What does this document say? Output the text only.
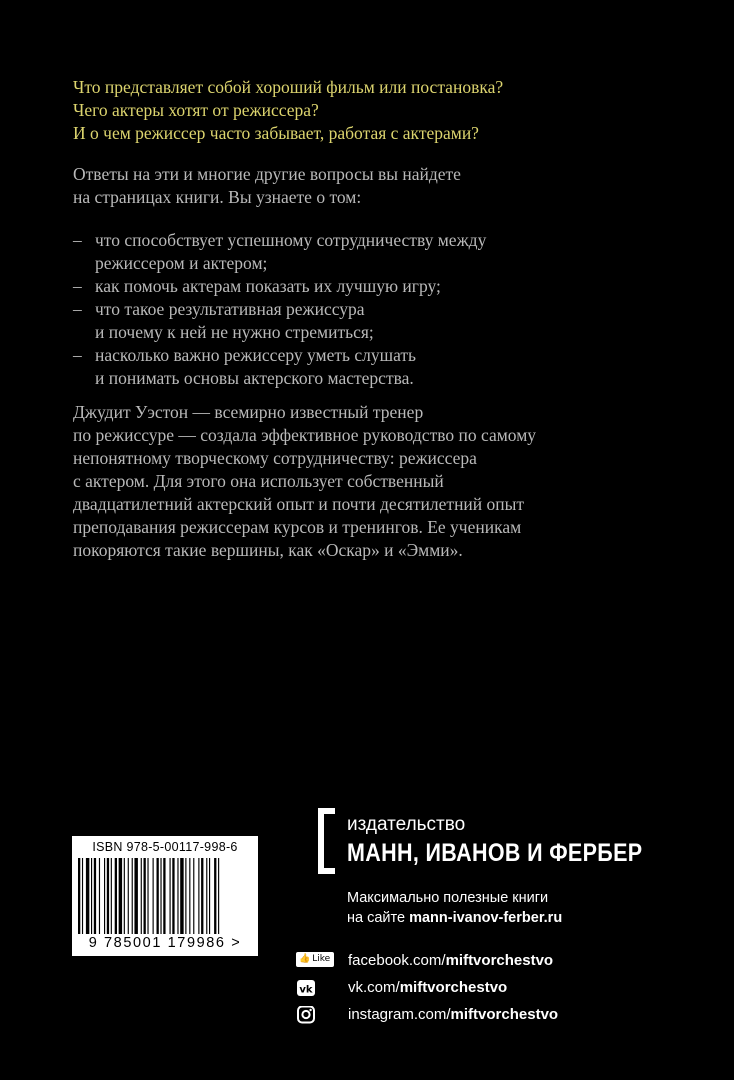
Что представляет собой хороший фильм или постановка?
Чего актеры хотят от режиссера?
И о чем режиссер часто забывает, работая с актерами?
Ответы на эти и многие другие вопросы вы найдете
на страницах книги. Вы узнаете о том:
– что способствует успешному сотрудничеству между
режиссером и актером;
– как помочь актерам показать их лучшую игру;
– что такое результативная режиссура
и почему к ней не нужно стремиться;
– насколько важно режиссеру уметь слушать
и понимать основы актерского мастерства.
Джудит Уэстон — всемирно известный тренер
по режиссуре — создала эффективное руководство по самому
непонятному творческому сотрудничеству: режиссера
с актером. Для этого она использует собственный
двадцатилетний актерский опыт и почти десятилетний опыт
преподавания режиссерам курсов и тренингов. Ее ученикам
покоряются такие вершины, как «Оскар» и «Эмми».
ISBN 978-5-00117-998-6
9 785001 179986 >
издательство
МАНН, ИВАНОВ И ФЕРБЕР
Максимально полезные книги
на сайте mann-ivanov-ferber.ru
👍 Like facebook.com/miftvorchestvo
vk vk.com/miftvorchestvo
instagram.com/miftvorchestvo
